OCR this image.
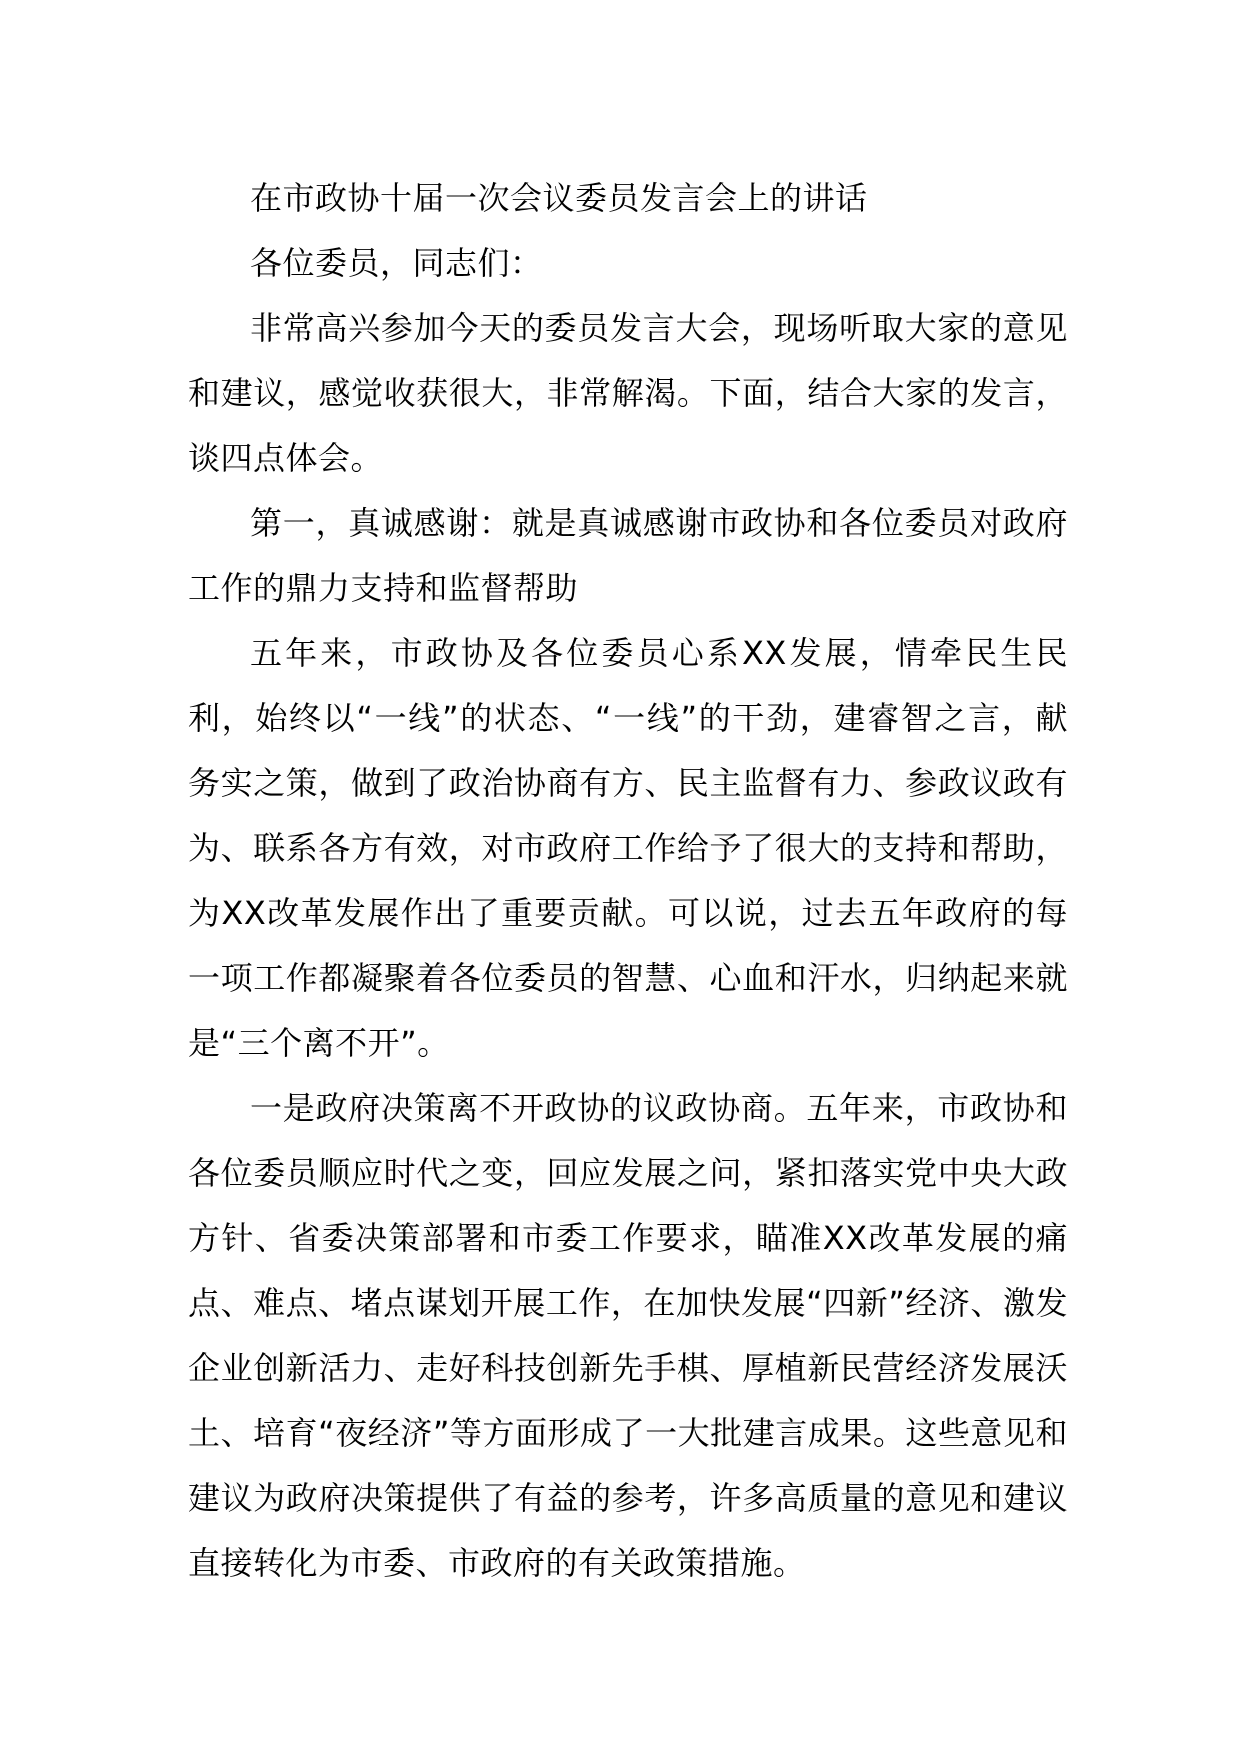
在市政协十届一次会议委员发言会上的讲话

各位委员，同志们：

非常高兴参加今天的委员发言大会，现场听取大家的意见和建议，感觉收获很大，非常解渴。下面，结合大家的发言，谈四点体会。

第一，真诚感谢：就是真诚感谢市政协和各位委员对政府工作的鼎力支持和监督帮助

五年来，市政协及各位委员心系XX发展，情牵民生民利，始终以“一线”的状态、“一线”的干劲，建睿智之言，献务实之策，做到了政治协商有方、民主监督有力、参政议政有为、联系各方有效，对市政府工作给予了很大的支持和帮助，为XX改革发展作出了重要贡献。可以说，过去五年政府的每一项工作都凝聚着各位委员的智慧、心血和汗水，归纳起来就是“三个离不开”。

一是政府决策离不开政协的议政协商。五年来，市政协和各位委员顺应时代之变，回应发展之问，紧扣落实党中央大政方针、省委决策部署和市委工作要求，瞄准XX改革发展的痛点、难点、堵点谋划开展工作，在加快发展“四新”经济、激发企业创新活力、走好科技创新先手棋、厚植新民营经济发展沃土、培育“夜经济”等方面形成了一大批建言成果。这些意见和建议为政府决策提供了有益的参考，许多高质量的意见和建议直接转化为市委、市政府的有关政策措施。
